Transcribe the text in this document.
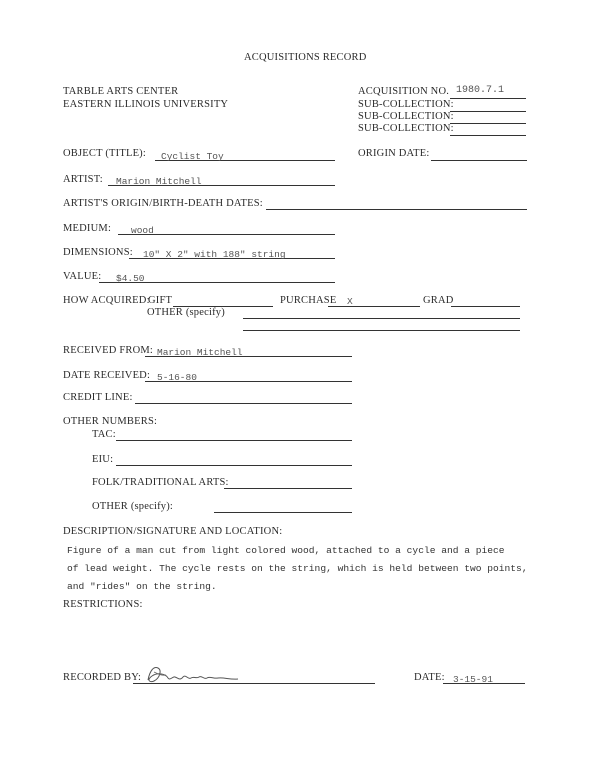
ACQUISITIONS RECORD
TARBLE ARTS CENTER
EASTERN ILLINOIS UNIVERSITY
ACQUISITION NO. 1980.7.1
SUB-COLLECTION:
SUB-COLLECTION:
SUB-COLLECTION:
OBJECT (TITLE): Cyclist Toy	ORIGIN DATE:
ARTIST: Marion Mitchell
ARTIST'S ORIGIN/BIRTH-DEATH DATES:
MEDIUM: wood
DIMENSIONS: 10" X 2" with 188" string
VALUE: $4.50
HOW ACQUIRED:
GIFT	PURCHASE X	GRAD
OTHER (specify)
RECEIVED FROM: Marion Mitchell
DATE RECEIVED: 5-16-80
CREDIT LINE:
OTHER NUMBERS:
TAC:
EIU:
FOLK/TRADITIONAL ARTS:
OTHER (specify):
DESCRIPTION/SIGNATURE AND LOCATION:
Figure of a man cut from light colored wood, attached to a cycle and a piece
of lead weight. The cycle rests on the string, which is held between two points,
and "rides" on the string.
RESTRICTIONS:
RECORDED BY:	DATE: 3-15-91
